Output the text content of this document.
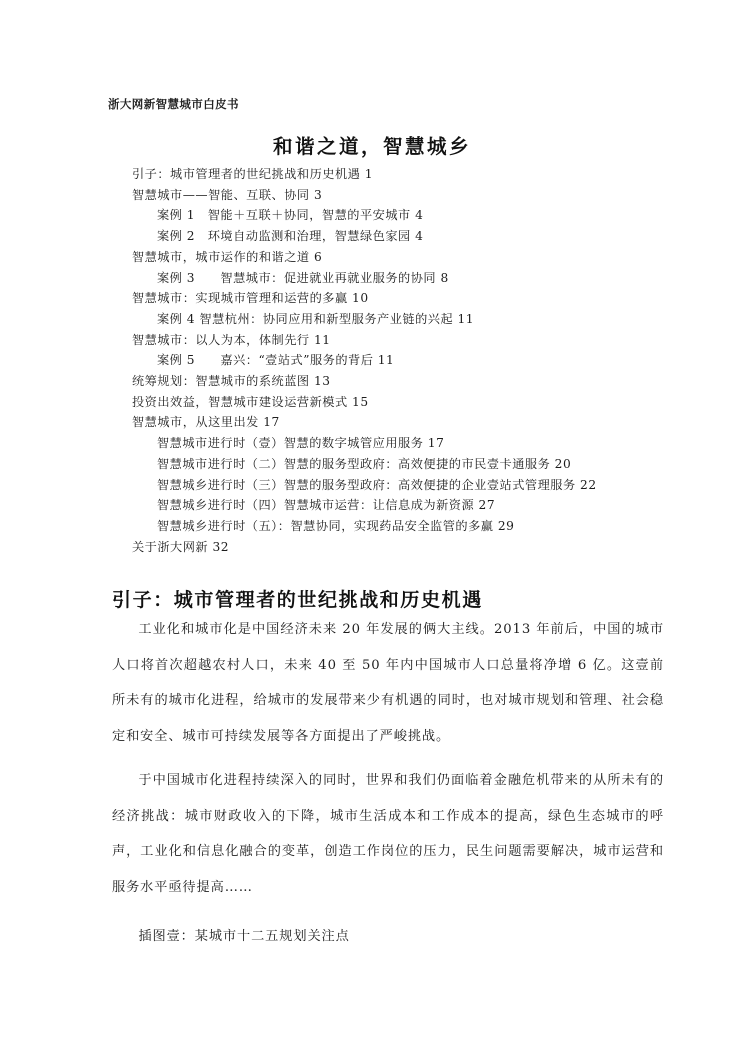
浙大网新智慧城市白皮书
和谐之道，智慧城乡
引子：城市管理者的世纪挑战和历史机遇 1
智慧城市——智能、互联、协同 3
案例 1　智能＋互联＋协同，智慧的平安城市 4
案例 2　环境自动监测和治理，智慧绿色家园 4
智慧城市，城市运作的和谐之道 6
案例 3　　智慧城市：促进就业再就业服务的协同 8
智慧城市：实现城市管理和运营的多赢 10
案例 4 智慧杭州：协同应用和新型服务产业链的兴起 11
智慧城市：以人为本，体制先行 11
案例 5　　嘉兴：“壹站式”服务的背后 11
统筹规划：智慧城市的系统蓝图 13
投资出效益，智慧城市建设运营新模式 15
智慧城市，从这里出发 17
智慧城市进行时（壹）智慧的数字城管应用服务 17
智慧城市进行时（二）智慧的服务型政府：高效便捷的市民壹卡通服务 20
智慧城乡进行时（三）智慧的服务型政府：高效便捷的企业壹站式管理服务 22
智慧城乡进行时（四）智慧城市运营：让信息成为新资源 27
智慧城乡进行时（五）：智慧协同，实现药品安全监管的多赢 29
关于浙大网新 32
引子：城市管理者的世纪挑战和历史机遇

工业化和城市化是中国经济未来 20 年发展的俩大主线。2013 年前后，中国的城市人口将首次超越农村人口，未来 40 至 50 年内中国城市人口总量将净增 6 亿。这壹前所未有的城市化进程，给城市的发展带来少有机遇的同时，也对城市规划和管理、社会稳定和安全、城市可持续发展等各方面提出了严峻挑战。

于中国城市化进程持续深入的同时，世界和我们仍面临着金融危机带来的从所未有的经济挑战：城市财政收入的下降，城市生活成本和工作成本的提高，绿色生态城市的呼声，工业化和信息化融合的变革，创造工作岗位的压力，民生问题需要解决，城市运营和服务水平亟待提高……

插图壹：某城市十二五规划关注点
